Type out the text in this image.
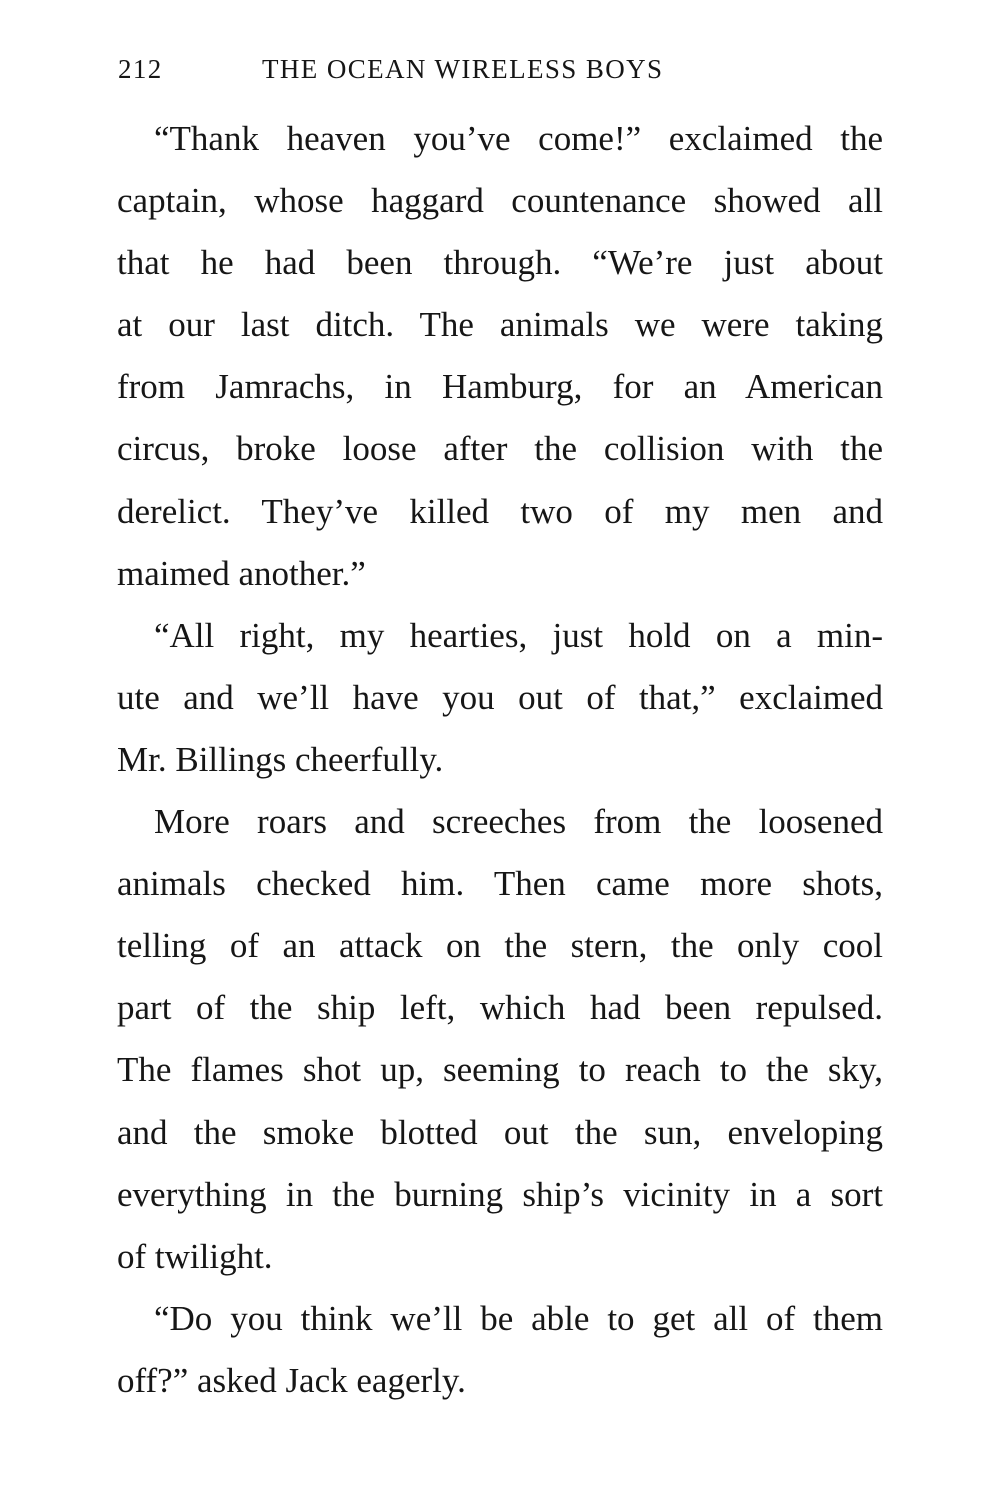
212	THE OCEAN WIRELESS BOYS
“Thank heaven you’ve come!” exclaimed the
captain, whose haggard countenance showed all
that he had been through. “We’re just about
at our last ditch. The animals we were taking
from Jamrachs, in Hamburg, for an American
circus, broke loose after the collision with the
derelict. They’ve killed two of my men and
maimed another.”
“All right, my hearties, just hold on a min-
ute and we’ll have you out of that,” exclaimed
Mr. Billings cheerfully.
More roars and screeches from the loosened
animals checked him. Then came more shots,
telling of an attack on the stern, the only cool
part of the ship left, which had been repulsed.
The flames shot up, seeming to reach to the sky,
and the smoke blotted out the sun, enveloping
everything in the burning ship’s vicinity in a sort
of twilight.
“Do you think we’ll be able to get all of them
off?” asked Jack eagerly.
